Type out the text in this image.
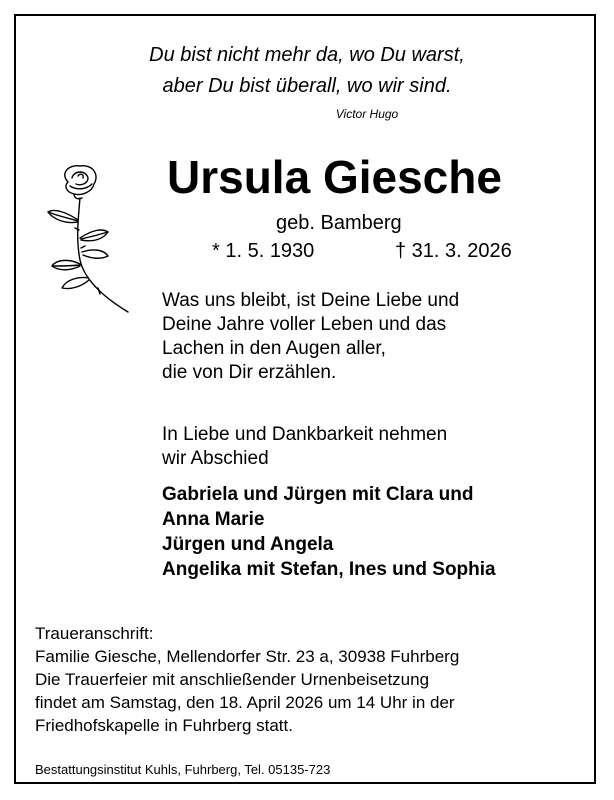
Du bist nicht mehr da, wo Du warst,
aber Du bist überall, wo wir sind.
Victor Hugo
Ursula Giesche
geb. Bamberg
* 1. 5. 1930	† 31. 3. 2026
Was uns bleibt, ist Deine Liebe und
Deine Jahre voller Leben und das
Lachen in den Augen aller,
die von Dir erzählen.
In Liebe und Dankbarkeit nehmen
wir Abschied
Gabriela und Jürgen mit Clara und
Anna Marie
Jürgen und Angela
Angelika mit Stefan, Ines und Sophia
Traueranschrift:
Familie Giesche, Mellendorfer Str. 23 a, 30938 Fuhrberg
Die Trauerfeier mit anschließender Urnenbeisetzung
findet am Samstag, den 18. April 2026 um 14 Uhr in der
Friedhofskapelle in Fuhrberg statt.
Bestattungsinstitut Kuhls, Fuhrberg, Tel. 05135-723
